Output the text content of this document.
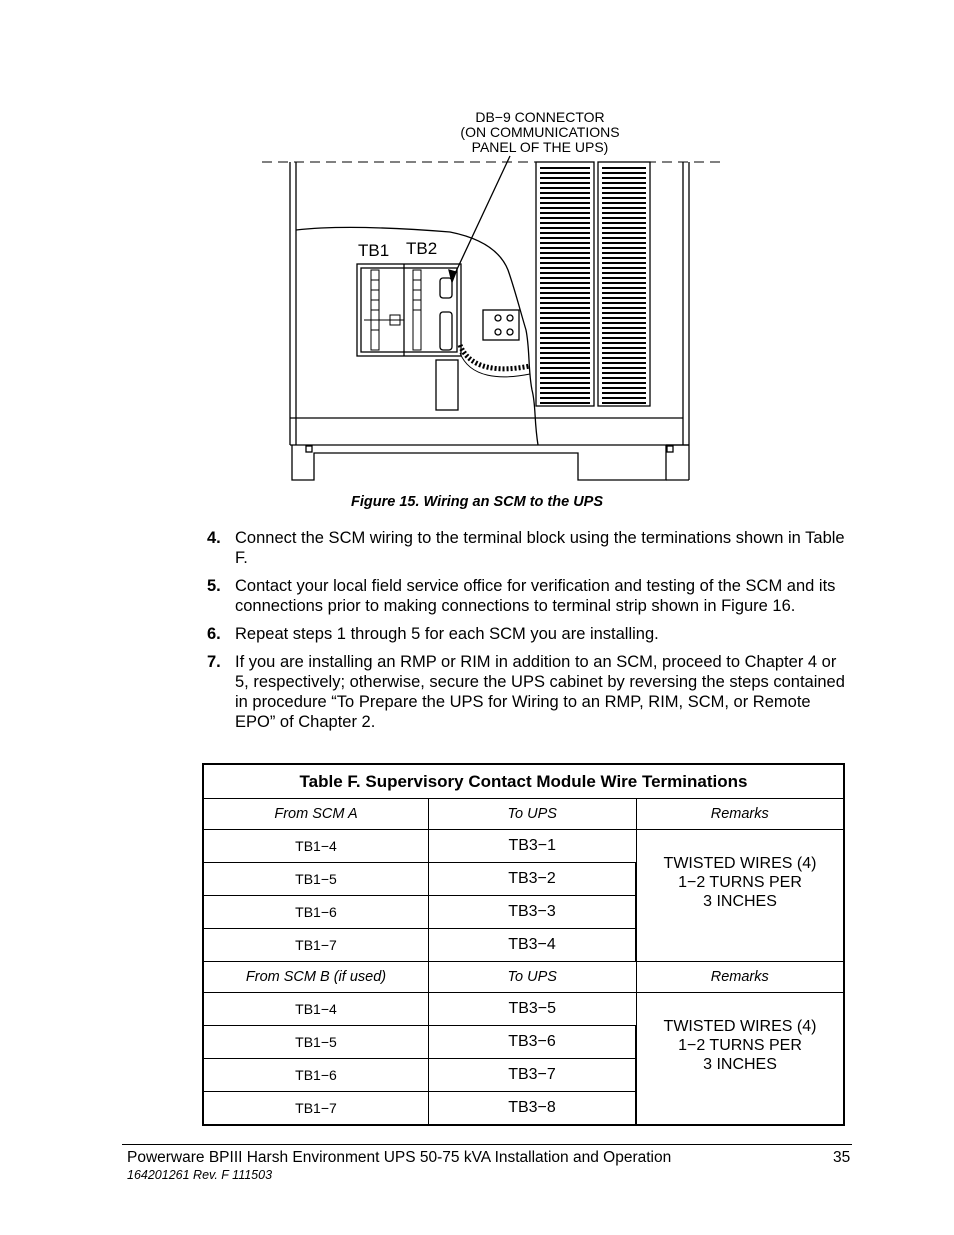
DB−9 CONNECTOR
(ON COMMUNICATIONS
PANEL OF THE UPS)
TB1 TB2
Figure 15. Wiring an SCM to the UPS
4. Connect the SCM wiring to the terminal block using the terminations shown in Table F.
5. Contact your local field service office for verification and testing of the SCM and its connections prior to making connections to terminal strip shown in Figure 16.
6. Repeat steps 1 through 5 for each SCM you are installing.
7. If you are installing an RMP or RIM in addition to an SCM, proceed to Chapter 4 or 5, respectively; otherwise, secure the UPS cabinet by reversing the steps contained in procedure “To Prepare the UPS for Wiring to an RMP, RIM, SCM, or Remote EPO” of Chapter 2.
Table F. Supervisory Contact Module Wire Terminations		
From SCM A	To UPS	Remarks
TB1−4	TB3−1	TWISTED WIRES (4)
1−2 TURNS PER
3 INCHES

TB1−5	TB3−2	
TB1−6	TB3−3	
TB1−7	TB3−4	
From SCM B (if used)	To UPS	Remarks
TB1−4	TB3−5	TWISTED WIRES (4)
1−2 TURNS PER
3 INCHES

TB1−5	TB3−6	
TB1−6	TB3−7	
TB1−7	TB3−8	
Powerware BPIII Harsh Environment UPS 50-75 kVA Installation and Operation	35
164201261 Rev. F 111503
